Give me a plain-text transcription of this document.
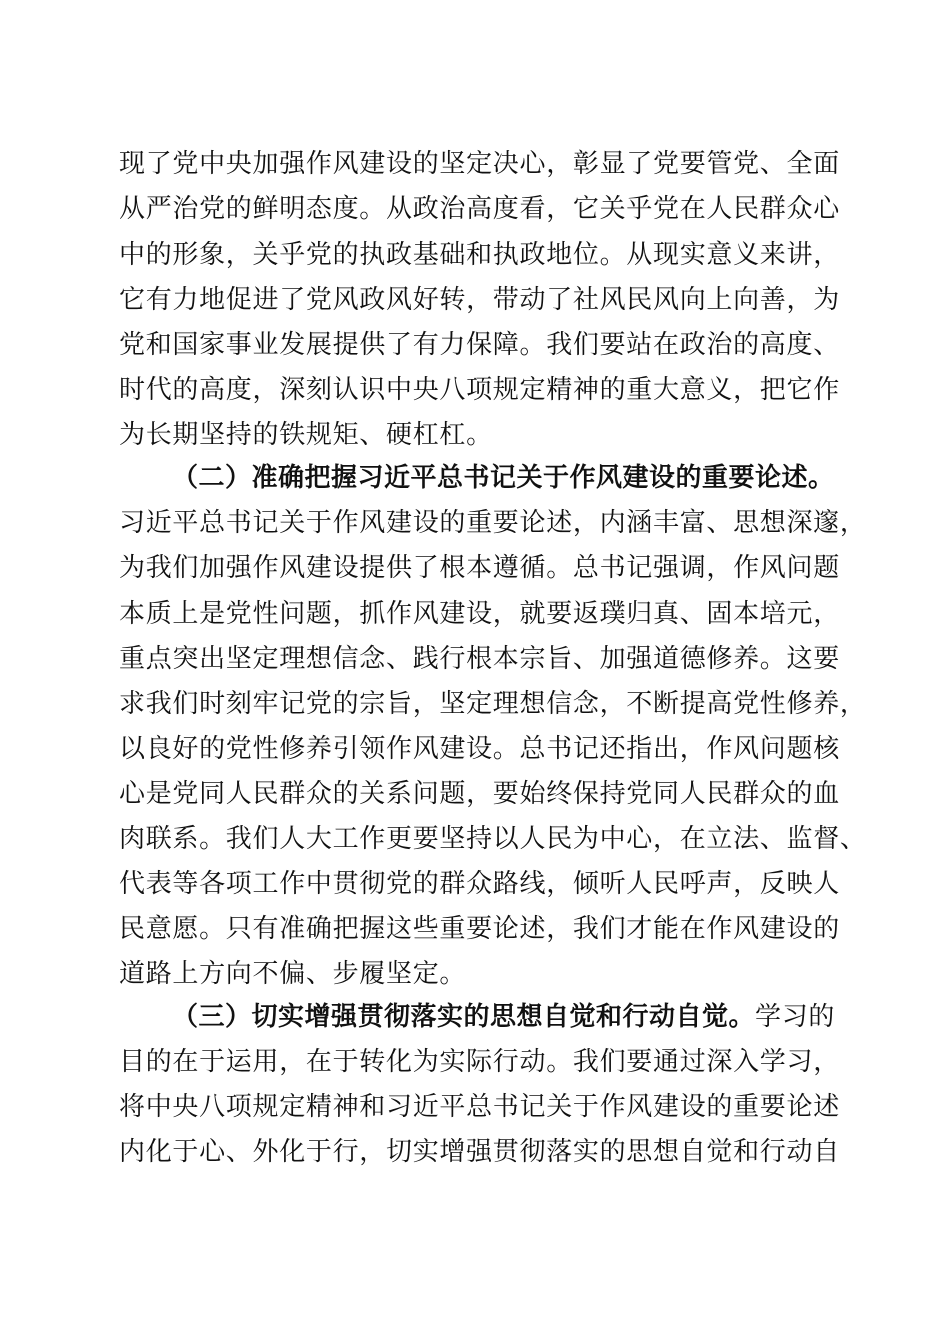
现了党中央加强作风建设的坚定决心，彰显了党要管党、全面
从严治党的鲜明态度。从政治高度看，它关乎党在人民群众心
中的形象，关乎党的执政基础和执政地位。从现实意义来讲，
它有力地促进了党风政风好转，带动了社风民风向上向善，为
党和国家事业发展提供了有力保障。我们要站在政治的高度、
时代的高度，深刻认识中央八项规定精神的重大意义，把它作
为长期坚持的铁规矩、硬杠杠。
（二）准确把握习近平总书记关于作风建设的重要论述。
习近平总书记关于作风建设的重要论述，内涵丰富、思想深邃，
为我们加强作风建设提供了根本遵循。总书记强调，作风问题
本质上是党性问题，抓作风建设，就要返璞归真、固本培元，
重点突出坚定理想信念、践行根本宗旨、加强道德修养。这要
求我们时刻牢记党的宗旨，坚定理想信念，不断提高党性修养，
以良好的党性修养引领作风建设。总书记还指出，作风问题核
心是党同人民群众的关系问题，要始终保持党同人民群众的血
肉联系。我们人大工作更要坚持以人民为中心，在立法、监督、
代表等各项工作中贯彻党的群众路线，倾听人民呼声，反映人
民意愿。只有准确把握这些重要论述，我们才能在作风建设的
道路上方向不偏、步履坚定。
（三）切实增强贯彻落实的思想自觉和行动自觉。学习的
目的在于运用，在于转化为实际行动。我们要通过深入学习，
将中央八项规定精神和习近平总书记关于作风建设的重要论述
内化于心、外化于行，切实增强贯彻落实的思想自觉和行动自
